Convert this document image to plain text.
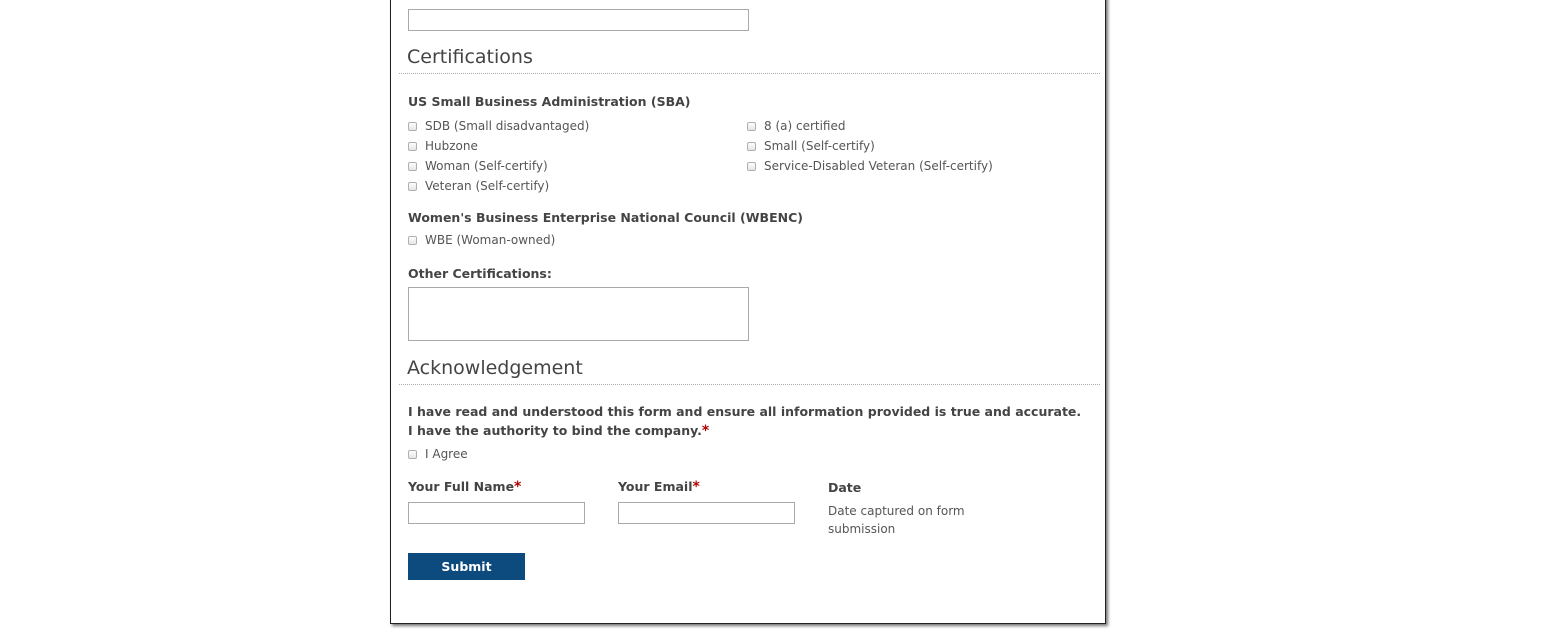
Certifications
US Small Business Administration (SBA)
SDB (Small disadvantaged)
Hubzone
Woman (Self-certify)
Veteran (Self-certify)
8 (a) certified
Small (Self-certify)
Service-Disabled Veteran (Self-certify)
Women's Business Enterprise National Council (WBENC)
WBE (Woman-owned)
Other Certifications:
Acknowledgement
I have read and understood this form and ensure all information provided is true and accurate.
I have the authority to bind the company.*
I Agree
Your Full Name*	Your Email*	Date
Date captured on form submission
Submit
